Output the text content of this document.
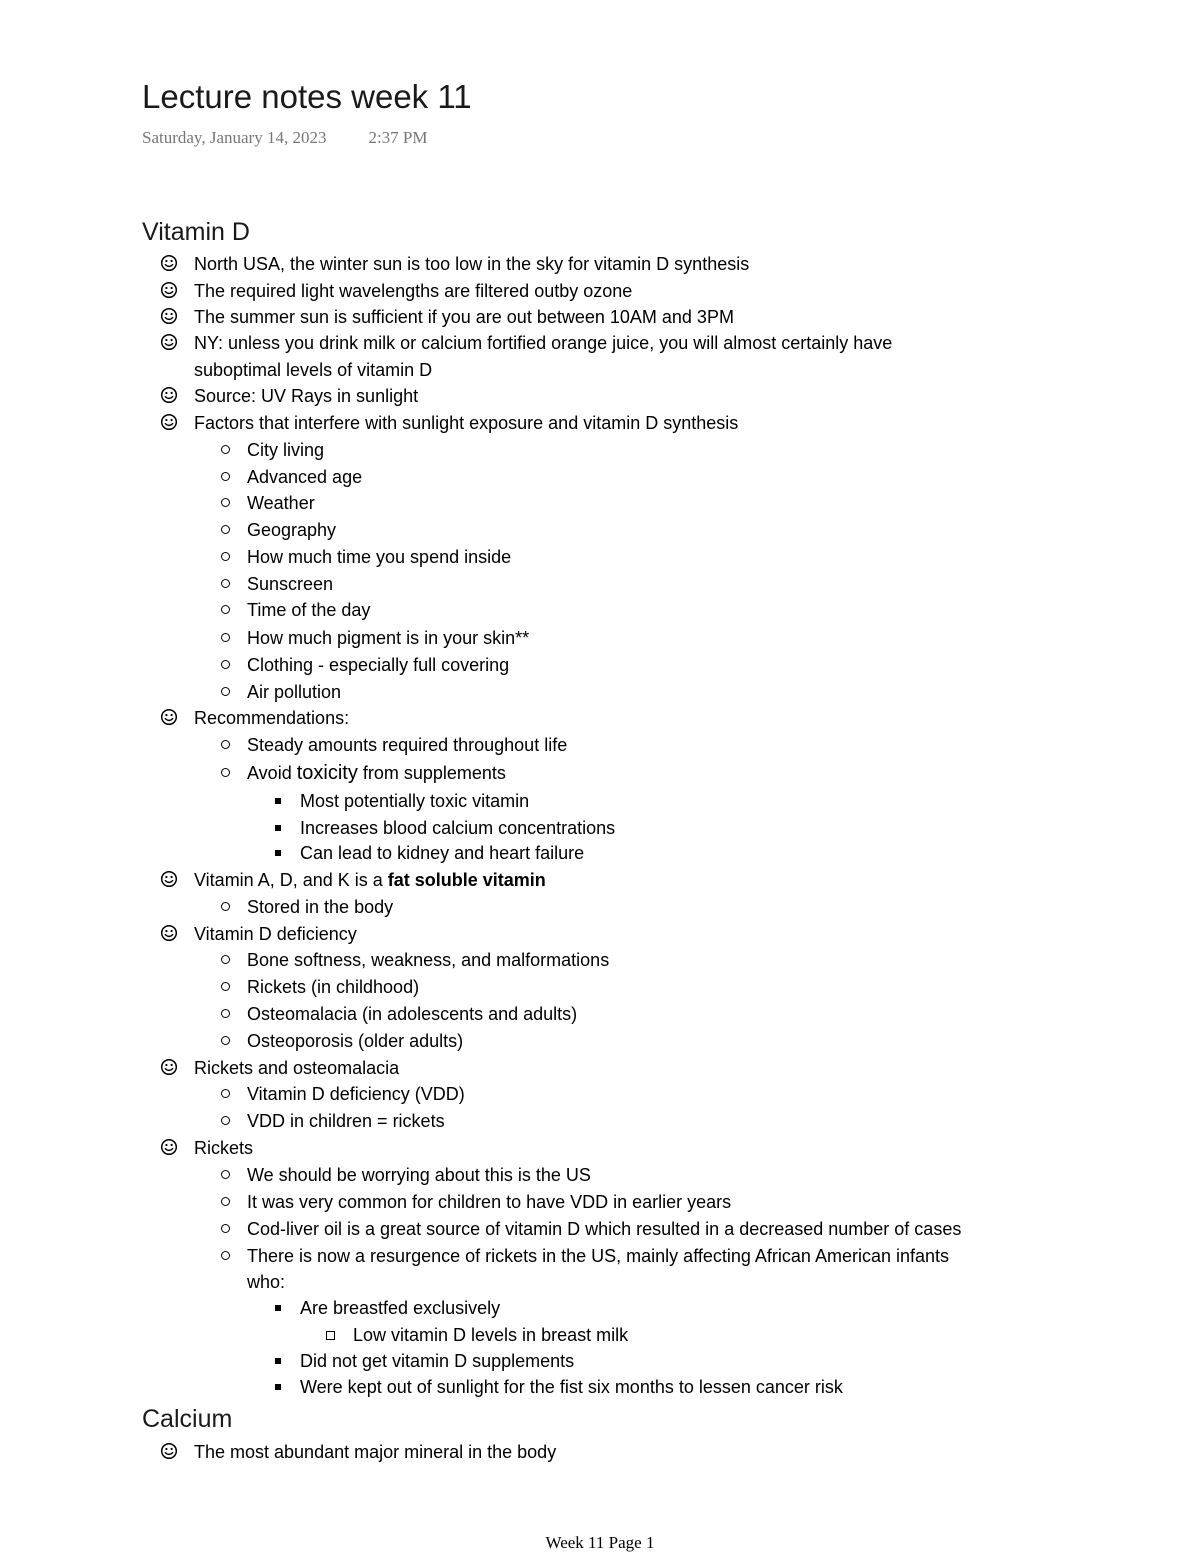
Lecture notes week 11
Saturday, January 14, 2023 2:37 PM
Vitamin D
North USA, the winter sun is too low in the sky for vitamin D synthesis
The required light wavelengths are filtered outby ozone
The summer sun is sufficient if you are out between 10AM and 3PM
NY: unless you drink milk or calcium fortified orange juice, you will almost certainly have
suboptimal levels of vitamin D
Source: UV Rays in sunlight
Factors that interfere with sunlight exposure and vitamin D synthesis
City living
Advanced age
Weather
Geography
How much time you spend inside
Sunscreen
Time of the day
How much pigment is in your skin**
Clothing - especially full covering
Air pollution
Recommendations:
Steady amounts required throughout life
Avoid toxicity from supplements
Most potentially toxic vitamin
Increases blood calcium concentrations
Can lead to kidney and heart failure
Vitamin A, D, and K is a fat soluble vitamin
Stored in the body
Vitamin D deficiency
Bone softness, weakness, and malformations
Rickets (in childhood)
Osteomalacia (in adolescents and adults)
Osteoporosis (older adults)
Rickets and osteomalacia
Vitamin D deficiency (VDD)
VDD in children = rickets
Rickets
We should be worrying about this is the US
It was very common for children to have VDD in earlier years
Cod-liver oil is a great source of vitamin D which resulted in a decreased number of cases
There is now a resurgence of rickets in the US, mainly affecting African American infants
who:
Are breastfed exclusively
Low vitamin D levels in breast milk
Did not get vitamin D supplements
Were kept out of sunlight for the fist six months to lessen cancer risk
Calcium
The most abundant major mineral in the body
Week 11 Page 1
